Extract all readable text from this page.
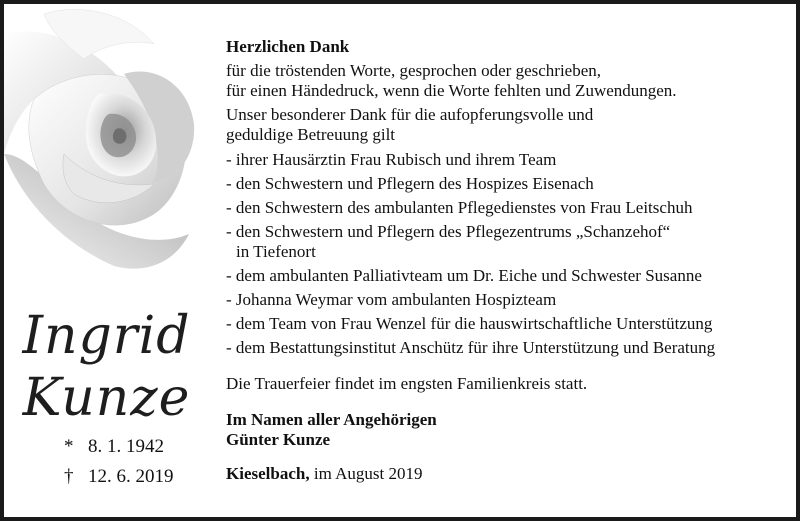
Ingrid
Kunze
* 8. 1. 1942
† 12. 6. 2019
Herzlichen Dank
für die tröstenden Worte, gesprochen oder geschrieben,
für einen Händedruck, wenn die Worte fehlten und Zuwendungen.
Unser besonderer Dank für die aufopferungsvolle und
geduldige Betreuung gilt
- ihrer Hausärztin Frau Rubisch und ihrem Team
- den Schwestern und Pflegern des Hospizes Eisenach
- den Schwestern des ambulanten Pflegedienstes von Frau Leitschuh
- den Schwestern und Pflegern des Pflegezentrums „Schanzehof“
in Tiefenort
- dem ambulanten Palliativteam um Dr. Eiche und Schwester Susanne
- Johanna Weymar vom ambulanten Hospizteam
- dem Team von Frau Wenzel für die hauswirtschaftliche Unterstützung
- dem Bestattungsinstitut Anschütz für ihre Unterstützung und Beratung
Die Trauerfeier findet im engsten Familienkreis statt.
Im Namen aller Angehörigen
Günter Kunze
Kieselbach, im August 2019
